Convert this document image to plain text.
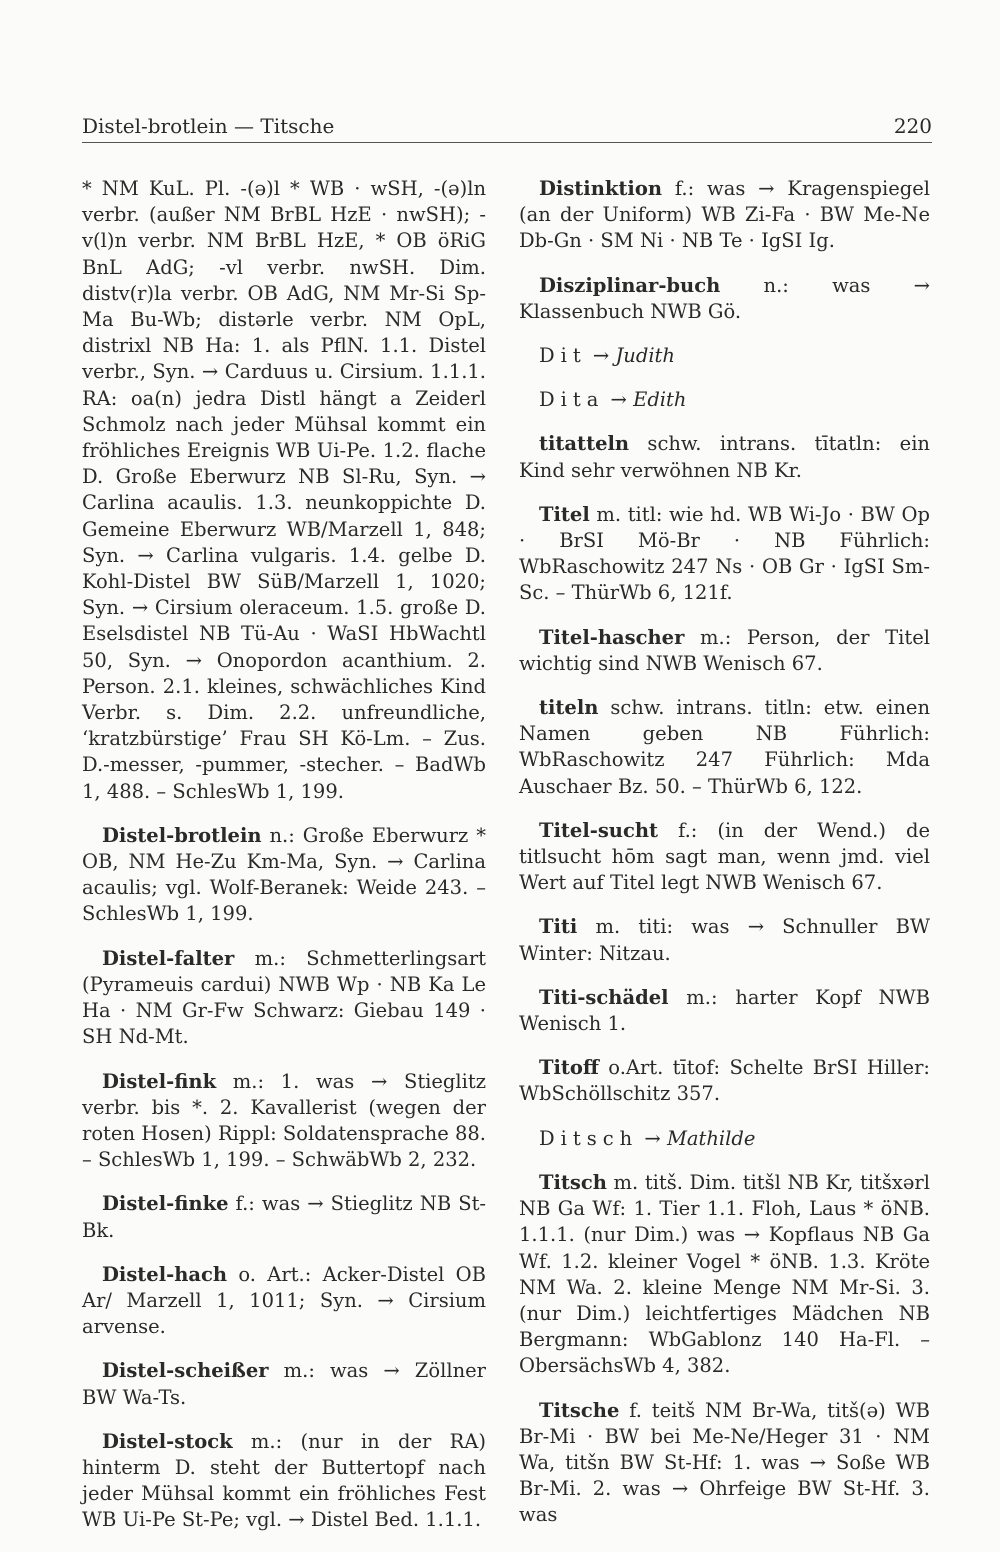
Distel-brotlein — Titsche	220

* NM KuL. Pl. -(ə)l * WB · wSH, -(ə)ln verbr. (außer NM BrBL HzE · nwSH); -v(l)n verbr. NM BrBL HzE, * OB öRiG BnL AdG; -vl verbr. nwSH. Dim. distv(r)la verbr. OB AdG, NM Mr-Si Sp-Ma Bu-Wb; distərle verbr. NM OpL, distrixl NB Ha: 1. als PflN. 1.1. Distel verbr., Syn. → Carduus u. Cirsium. 1.1.1. RA: oa(n) jedra Distl hängt a Zeiderl Schmolz nach jeder Mühsal kommt ein fröhliches Ereignis WB Ui-Pe. 1.2. flache D. Große Eberwurz NB Sl-Ru, Syn. → Carlina acaulis. 1.3. neunkoppichte D. Gemeine Eberwurz WB/Marzell 1, 848; Syn. → Carlina vulgaris. 1.4. gelbe D. Kohl-Distel BW SüB/Marzell 1, 1020; Syn. → Cirsium oleraceum. 1.5. große D. Eselsdistel NB Tü-Au · WaSI HbWachtl 50, Syn. → Onopordon acanthium. 2. Person. 2.1. kleines, schwächliches Kind Verbr. s. Dim. 2.2. unfreundliche, ‘kratzbürstige’ Frau SH Kö-Lm. – Zus. D.-messer, -pummer, -stecher. – BadWb 1, 488. – SchlesWb 1, 199.

Distel-brotlein n.: Große Eberwurz * OB, NM He-Zu Km-Ma, Syn. → Carlina acaulis; vgl. Wolf-Beranek: Weide 243. – SchlesWb 1, 199.

Distel-falter m.: Schmetterlingsart (Pyrameuis cardui) NWB Wp · NB Ka Le Ha · NM Gr-Fw Schwarz: Giebau 149 · SH Nd-Mt.

Distel-fink m.: 1. was → Stieglitz verbr. bis *. 2. Kavallerist (wegen der roten Hosen) Rippl: Soldatensprache 88. – SchlesWb 1, 199. – SchwäbWb 2, 232.

Distel-finke f.: was → Stieglitz NB St-Bk.

Distel-hach o. Art.: Acker-Distel OB Ar/ Marzell 1, 1011; Syn. → Cirsium arvense.

Distel-scheißer m.: was → Zöllner BW Wa-Ts.

Distel-stock m.: (nur in der RA) hinterm D. steht der Buttertopf nach jeder Mühsal kommt ein fröhliches Fest WB Ui-Pe St-Pe; vgl. → Distel Bed. 1.1.1.

Distinktion f.: was → Kragenspiegel (an der Uniform) WB Zi-Fa · BW Me-Ne Db-Gn · SM Ni · NB Te · IgSI Ig.

Disziplinar-buch n.: was → Klassenbuch NWB Gö.

Dit → Judith

Dita → Edith

titatteln schw. intrans. tītatln: ein Kind sehr verwöhnen NB Kr.

Titel m. titl: wie hd. WB Wi-Jo · BW Op · BrSI Mö-Br · NB Führlich: WbRaschowitz 247 Ns · OB Gr · IgSI Sm-Sc. – ThürWb 6, 121f.

Titel-hascher m.: Person, der Titel wichtig sind NWB Wenisch 67.

titeln schw. intrans. titln: etw. einen Namen geben NB Führlich: WbRaschowitz 247 Führlich: Mda Auschaer Bz. 50. – ThürWb 6, 122.

Titel-sucht f.: (in der Wend.) de titlsucht hōm sagt man, wenn jmd. viel Wert auf Titel legt NWB Wenisch 67.

Titi m. titi: was → Schnuller BW Winter: Nitzau.

Titi-schädel m.: harter Kopf NWB Wenisch 1.

Titoff o.Art. tītof: Schelte BrSI Hiller: WbSchöllschitz 357.

Ditsch → Mathilde

Titsch m. titš. Dim. titšl NB Kr, titšxərl NB Ga Wf: 1. Tier 1.1. Floh, Laus * öNB. 1.1.1. (nur Dim.) was → Kopflaus NB Ga Wf. 1.2. kleiner Vogel * öNB. 1.3. Kröte NM Wa. 2. kleine Menge NM Mr-Si. 3. (nur Dim.) leichtfertiges Mädchen NB Bergmann: WbGablonz 140 Ha-Fl. – ObersächsWb 4, 382.

Titsche f. teitš NM Br-Wa, titš(ə) WB Br-Mi · BW bei Me-Ne/Heger 31 · NM Wa, titšn BW St-Hf: 1. was → Soße WB Br-Mi. 2. was → Ohrfeige BW St-Hf. 3. was
